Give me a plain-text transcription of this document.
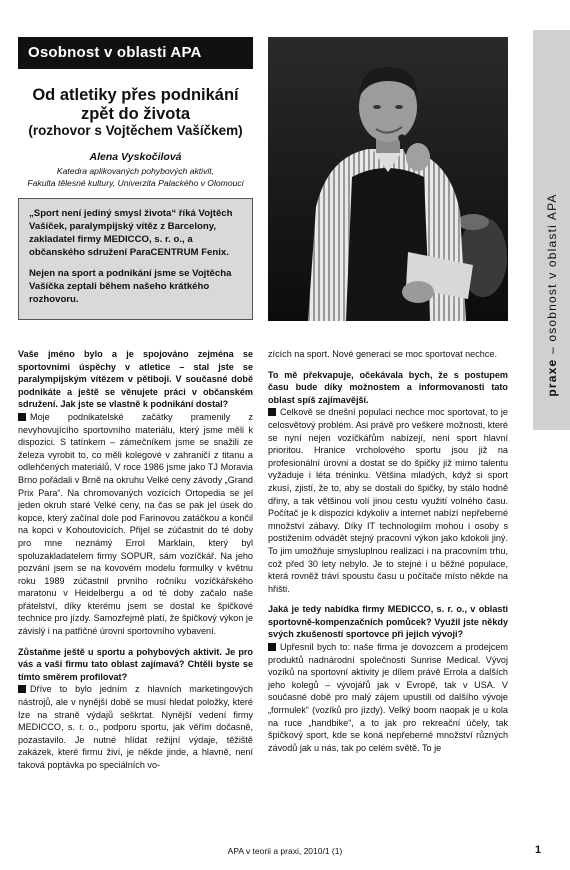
Osobnost v oblasti APA
Od atletiky přes podnikání
zpět do života
(rozhovor s Vojtěchem Vašíčkem)
Alena Vyskočilová
Katedra aplikovaných pohybových aktivit,
Fakulta tělesné kultury, Univerzita Palackého v Olomouci

„Sport není jediný smysl života“ říká Vojtěch Vašíček, paralympijský vítěz z Barcelony, zakladatel firmy MEDICCO, s. r. o., a občanského sdružení ParaCENTRUM Fenix.

Nejen na sport a podnikání jsme se Vojtěcha Vašíčka zeptali během našeho krátkého rozhovoru.

praxe – osobnost v oblasti APA

Vaše jméno bylo a je spojováno zejména se sportovními úspěchy v atletice – stal jste se paralympijským vítězem v pětiboji. V současné době podnikáte a ještě se věnujete práci v občanském sdružení. Jak jste se vlastně k podnikání dostal?

Moje podnikatelské začátky pramenily z nevyhovujícího sportovního materiálu, který jsme měli k dispozici. S tatínkem – zámečníkem jsme se snažili ze železa vyrobit to, co měli kolegové v zahraničí z titanu a odlehčených materiálů. V roce 1986 jsme jako TJ Moravia Brno pořádali v Brně na okruhu Velké ceny závody „Grand Prix Para“. Na chromovaných vozících Ortopedia se jel jeden okruh staré Velké ceny, na čas se pak jel úsek do kopce, který začínal dole pod Farinovou zatáčkou a končil na kopci v Kohoutovicích. Přijel se zúčastnit do té doby pro mne neznámý Errol Marklain, který byl spoluzakladatelem firmy SOPUR, sám vozíčkář. Na jeho pozvání jsem se na kovovém modelu formulky v květnu roku 1989 zúčastnil prvního ročníku vozíčkářského maratonu v Heidelbergu a od té doby začalo naše přátelství, díky kterému jsem se dostal ke špičkové technice pro jízdy. Samozřejmě platí, že špičkový výkon je závislý i na patřičné úrovni sportovního vybavení.

Zůstaňme ještě u sportu a pohybových aktivit. Je pro vás a vaši firmu tato oblast zajímavá? Chtěli byste se tímto směrem profilovat?

Dříve to bylo jedním z hlavních marketingových nástrojů, ale v nynější době se musí hledat položky, které Ize na straně výdajů seškrtat. Nynější vedení firmy MEDICCO, s. r. o., podporu sportu, jak věřím dočasně, pozastavilo. Je nutné hlídat režijní výdaje, těžiště zakázek, které firmu živí, je někde jinde, a hlavně, není taková poptávka po speciálních vo-

zících na sport. Nové generaci se moc sportovat nechce.

To mě překvapuje, očekávala bych, že s postupem času bude díky možnostem a informovanosti tato oblast spíš zajímavější.

Celkově se dnešní populaci nechce moc sportovat, to je celosvětový problém. Asi právě pro veškeré možnosti, které se nyní nejen vozíčkářům nabízejí, není sport hlavní prioritou. Hranice vrcholového sportu jsou již na profesionální úrovni a dostat se do špičky již mimo talentu vyžaduje i léta tréninku. Většina mladých, když si sport zkusí, zjistí, že to, aby se dostali do špičky, by stálo hodně dřiny, a tak většinou volí jinou cestu využití volného času. Počítač je k dispozici kdykoliv a internet nabízí nepřeberné množství zábavy. Díky IT technologiím mohou i osoby s postižením odvádět stejný pracovní výkon jako kdokoli jiný. To jim umožňuje smysluplnou realizaci i na pracovním trhu, což před 30 lety nebylo. Je to stejné i u běžné populace, která rovněž tráví spoustu času u počítače místo někde na hřišti.

Jaká je tedy nabídka firmy MEDICCO, s. r. o., v oblasti sportovně-kompenzačních pomůcek? Využil jste někdy svých zkušeností sportovce při jejich vývoji?

Upřesnil bych to: naše firma je dovozcem a prodejcem produktů nadnárodní společnosti Sunrise Medical. Vývoj vozíků na sportovní aktivity je dílem právě Errola a dalších jeho kolegů – vývojářů jak v Evropě, tak v USA. V současné době pro malý zájem upustili od dalšího vývoje „formulek“ (vozíků pro jízdy). Velký boom naopak je u kola na ruce „handbike“, a to jak pro rekreační účely, tak špičkový sport, kde se koná nepřeberné množství různých závodů jak u nás, tak po celém světě. To je

APA v teorii a praxi, 2010/1 (1)	1
